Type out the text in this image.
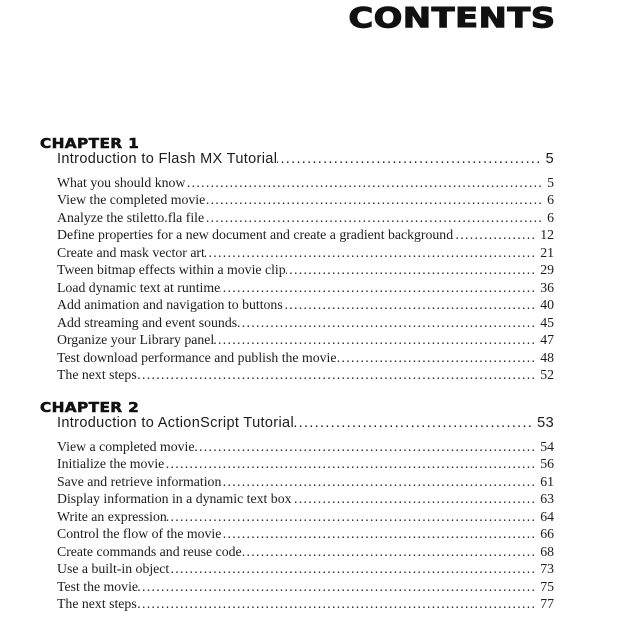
CONTENTS
CHAPTER 1
Introduction to Flash MX Tutorial .....	5
What you should know .....	5
View the completed movie .....	6
Analyze the stiletto.fla file .....	6
Define properties for a new document and create a gradient background .....	12
Create and mask vector art .....	21
Tween bitmap effects within a movie clip .....	29
Load dynamic text at runtime .....	36
Add animation and navigation to buttons .....	40
Add streaming and event sounds .....	45
Organize your Library panel .....	47
Test download performance and publish the movie .....	48
The next steps .....	52
CHAPTER 2
Introduction to ActionScript Tutorial .....	53
View a completed movie .....	54
Initialize the movie .....	56
Save and retrieve information .....	61
Display information in a dynamic text box .....	63
Write an expression .....	64
Control the flow of the movie .....	66
Create commands and reuse code .....	68
Use a built-in object .....	73
Test the movie .....	75
The next steps .....	77
